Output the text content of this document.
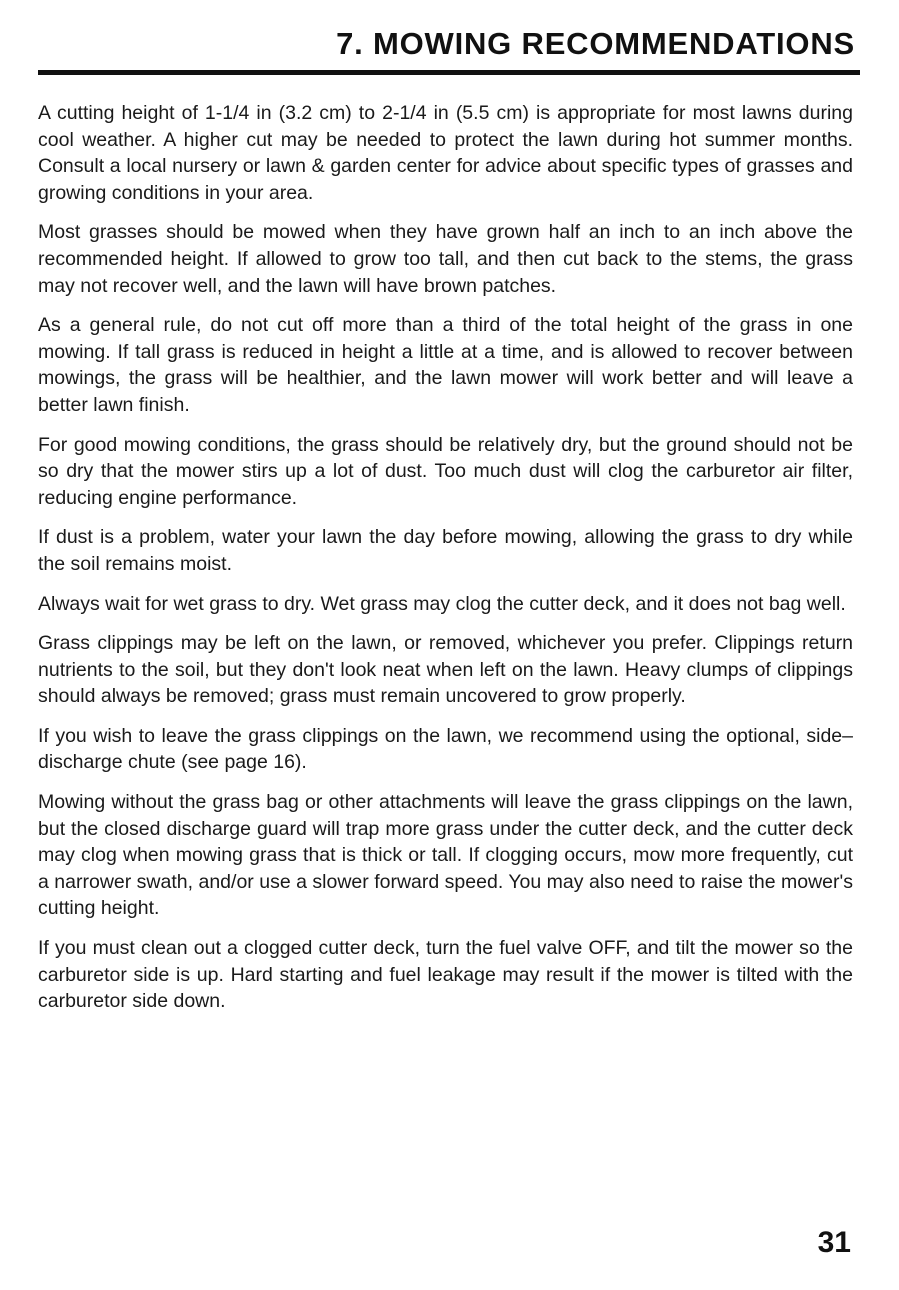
7. MOWING RECOMMENDATIONS

A cutting height of 1-1/4 in (3.2 cm) to 2-1/4 in (5.5 cm) is appropriate for most lawns during cool weather. A higher cut may be needed to protect the lawn during hot summer months. Consult a local nursery or lawn & garden center for advice about specific types of grasses and growing conditions in your area.

Most grasses should be mowed when they have grown half an inch to an inch above the recommended height. If allowed to grow too tall, and then cut back to the stems, the grass may not recover well, and the lawn will have brown patches.

As a general rule, do not cut off more than a third of the total height of the grass in one mowing. If tall grass is reduced in height a little at a time, and is allowed to recover between mowings, the grass will be healthier, and the lawn mower will work better and will leave a better lawn finish.

For good mowing conditions, the grass should be relatively dry, but the ground should not be so dry that the mower stirs up a lot of dust. Too much dust will clog the carburetor air filter, reducing engine performance.

If dust is a problem, water your lawn the day before mowing, allowing the grass to dry while the soil remains moist.

Always wait for wet grass to dry. Wet grass may clog the cutter deck, and it does not bag well.

Grass clippings may be left on the lawn, or removed, whichever you prefer. Clippings return nutrients to the soil, but they don't look neat when left on the lawn. Heavy clumps of clippings should always be removed; grass must remain uncovered to grow properly.

If you wish to leave the grass clippings on the lawn, we recommend using the optional, side–discharge chute (see page 16).

Mowing without the grass bag or other attachments will leave the grass clippings on the lawn, but the closed discharge guard will trap more grass under the cutter deck, and the cutter deck may clog when mowing grass that is thick or tall. If clogging occurs, mow more frequently, cut a narrower swath, and/or use a slower forward speed. You may also need to raise the mower's cutting height.

If you must clean out a clogged cutter deck, turn the fuel valve OFF, and tilt the mower so the carburetor side is up. Hard starting and fuel leakage may result if the mower is tilted with the carburetor side down.

31
